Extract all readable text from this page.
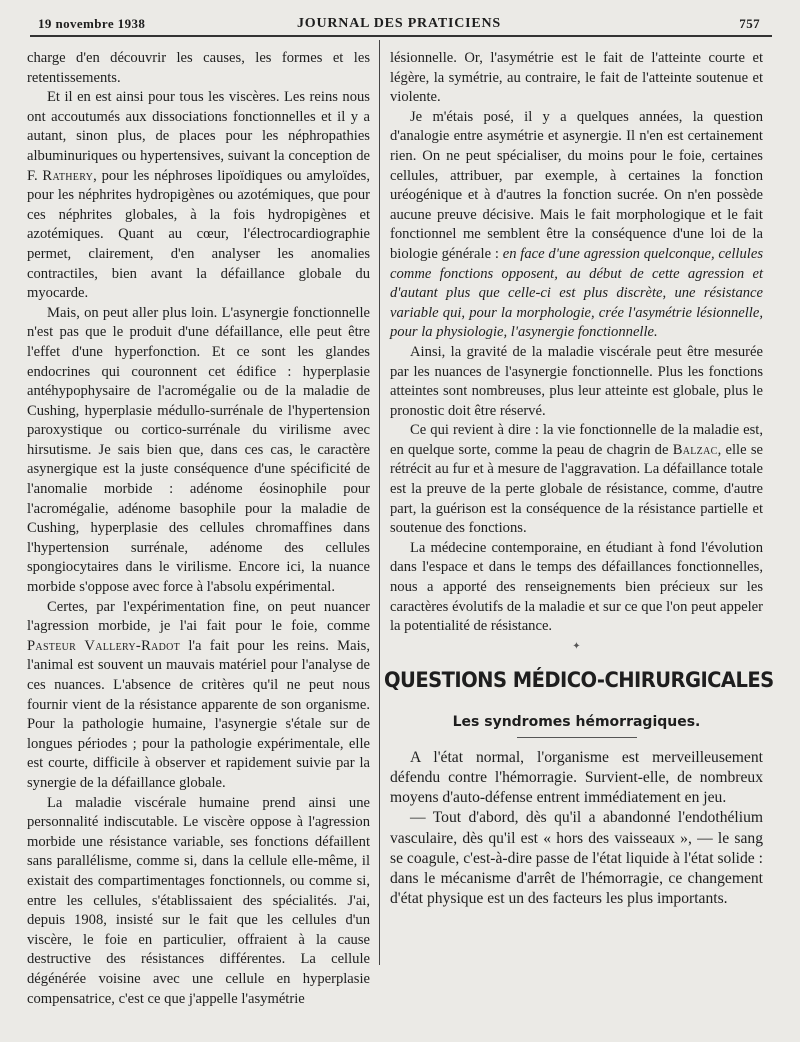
19 novembre 1938	JOURNAL DES PRATICIENS	757

charge d'en découvrir les causes, les formes et les retentissements.

Et il en est ainsi pour tous les viscères. Les reins nous ont accoutumés aux dissociations fonctionnelles et il y a autant, sinon plus, de places pour les néphropathies albuminuriques ou hypertensives, suivant la conception de F. Rathery, pour les néphroses lipoïdiques ou amyloïdes, pour les néphrites hydropigènes ou azotémiques, que pour ces néphrites globales, à la fois hydropigènes et azotémiques. Quant au cœur, l'électrocardiographie permet, clairement, d'en analyser les anomalies contractiles, bien avant la défaillance globale du myocarde.

Mais, on peut aller plus loin. L'asynergie fonctionnelle n'est pas que le produit d'une défaillance, elle peut être l'effet d'une hyperfonction. Et ce sont les glandes endocrines qui couronnent cet édifice : hyperplasie antéhypophysaire de l'acromégalie ou de la maladie de Cushing, hyperplasie médullo-surrénale de l'hypertension paroxystique ou cortico-surrénale du virilisme avec hirsutisme. Je sais bien que, dans ces cas, le caractère asynergique est la juste conséquence d'une spécificité de l'anomalie morbide : adénome éosinophile pour l'acromégalie, adénome basophile pour la maladie de Cushing, hyperplasie des cellules chromaffines dans l'hypertension surrénale, adénome des cellules spongiocytaires dans le virilisme. Encore ici, la nuance morbide s'oppose avec force à l'absolu expérimental.

Certes, par l'expérimentation fine, on peut nuancer l'agression morbide, je l'ai fait pour le foie, comme Pasteur Vallery-Radot l'a fait pour les reins. Mais, l'animal est souvent un mauvais matériel pour l'analyse de ces nuances. L'absence de critères qu'il ne peut nous fournir vient de la résistance apparente de son organisme. Pour la pathologie humaine, l'asynergie s'étale sur de longues périodes ; pour la pathologie expérimentale, elle est courte, difficile à observer et rapidement suivie par la synergie de la défaillance globale.

La maladie viscérale humaine prend ainsi une personnalité indiscutable. Le viscère oppose à l'agression morbide une résistance variable, ses fonctions défaillent sans parallélisme, comme si, dans la cellule elle-même, il existait des compartimentages fonctionnels, ou comme si, entre les cellules, s'établissaient des spécialités. J'ai, depuis 1908, insisté sur le fait que les cellules d'un viscère, le foie en particulier, offraient à la cause destructive des résistances différentes. La cellule dégénérée voisine avec une cellule en hyperplasie compensatrice, c'est ce que j'appelle l'asymétrie

lésionnelle. Or, l'asymétrie est le fait de l'atteinte courte et légère, la symétrie, au contraire, le fait de l'atteinte soutenue et violente.

Je m'étais posé, il y a quelques années, la question d'analogie entre asymétrie et asynergie. Il n'en est certainement rien. On ne peut spécialiser, du moins pour le foie, certaines cellules, attribuer, par exemple, à certaines la fonction uréogénique et à d'autres la fonction sucrée. On n'en possède aucune preuve décisive. Mais le fait morphologique et le fait fonctionnel me semblent être la conséquence d'une loi de la biologie générale : en face d'une agression quelconque, cellules comme fonctions opposent, au début de cette agression et d'autant plus que celle-ci est plus discrète, une résistance variable qui, pour la morphologie, crée l'asymétrie lésionnelle, pour la physiologie, l'asynergie fonctionnelle.

Ainsi, la gravité de la maladie viscérale peut être mesurée par les nuances de l'asynergie fonctionnelle. Plus les fonctions atteintes sont nombreuses, plus leur atteinte est globale, plus le pronostic doit être réservé.

Ce qui revient à dire : la vie fonctionnelle de la maladie est, en quelque sorte, comme la peau de chagrin de Balzac, elle se rétrécit au fur et à mesure de l'aggravation. La défaillance totale est la preuve de la perte globale de résistance, comme, d'autre part, la guérison est la conséquence de la résistance partielle et soutenue des fonctions.

La médecine contemporaine, en étudiant à fond l'évolution dans l'espace et dans le temps des défaillances fonctionnelles, nous a apporté des renseignements bien précieux sur les caractères évolutifs de la maladie et sur ce que l'on peut appeler la potentialité de résistance.

✦
QUESTIONS MÉDICO-CHIRURGICALES
Les syndromes hémorragiques.

A l'état normal, l'organisme est merveilleusement défendu contre l'hémorragie. Survient-elle, de nombreux moyens d'auto-défense entrent immédiatement en jeu.

— Tout d'abord, dès qu'il a abandonné l'endothélium vasculaire, dès qu'il est « hors des vaisseaux », — le sang se coagule, c'est-à-dire passe de l'état liquide à l'état solide : dans le mécanisme d'arrêt de l'hémorragie, ce changement d'état physique est un des facteurs les plus importants.
